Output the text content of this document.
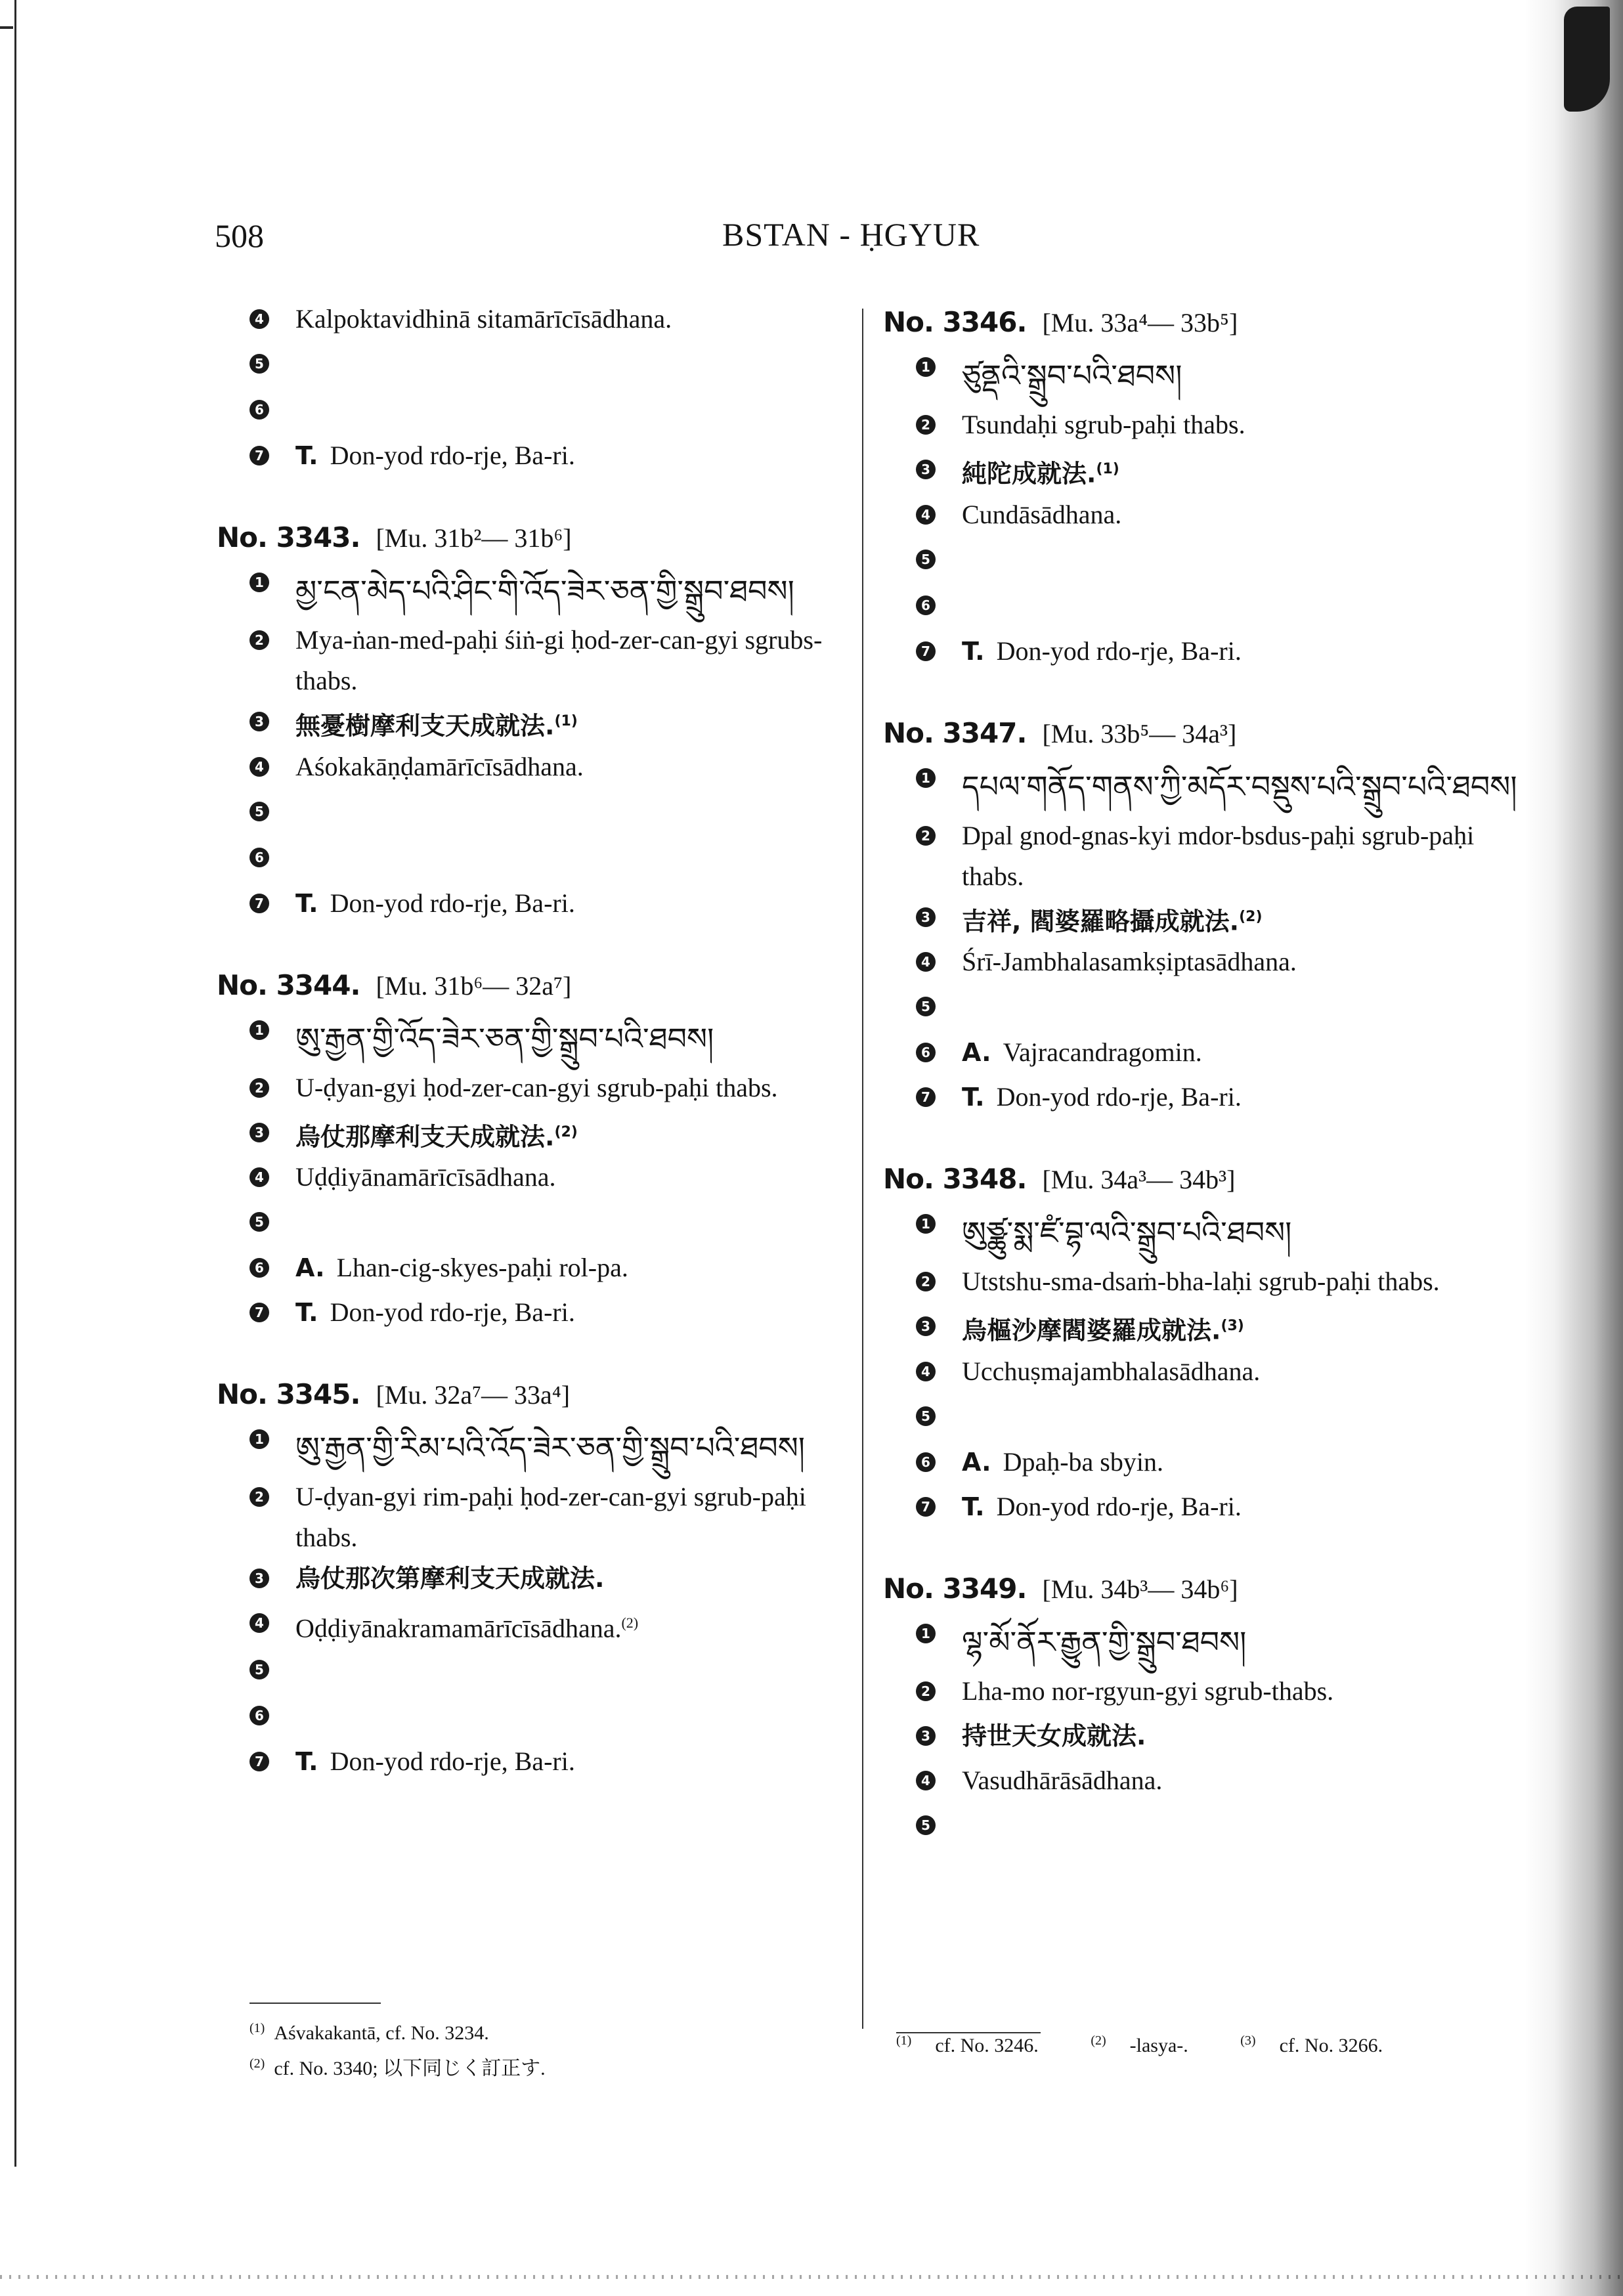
508	BSTAN - ḤGYUR
4 Kalpoktavidhinā sitamārīcīsādhana.
5
6
7 T. Don-yod rdo-rje, Ba-ri.
No. 3343. [Mu. 31b²— 31b⁶]
1 མྱ་ངན་མེད་པའི་ཤིང་གི་འོད་ཟེར་ཅན་གྱི་སྒྲུབ་ཐབས།
2 Mya-ṅan-med-paḥi śiṅ-gi ḥod-zer-can-gyi sgrubs-thabs.
3 無憂樹摩利支天成就法.$^{(1)}$
4 Aśokakāṇḍamārīcīsādhana.
5
6
7 T. Don-yod rdo-rje, Ba-ri.
No. 3344. [Mu. 31b⁶— 32a⁷]
1 ཨུ་རྒྱན་གྱི་འོད་ཟེར་ཅན་གྱི་སྒྲུབ་པའི་ཐབས།
2 U-ḍyan-gyi ḥod-zer-can-gyi sgrub-paḥi thabs.
3 烏仗那摩利支天成就法.$^{(2)}$
4 Uḍḍiyānamārīcīsādhana.
5
6 A. Lhan-cig-skyes-paḥi rol-pa.
7 T. Don-yod rdo-rje, Ba-ri.
No. 3345. [Mu. 32a⁷— 33a⁴]
1 ཨུ་རྒྱན་གྱི་རིམ་པའི་འོད་ཟེར་ཅན་གྱི་སྒྲུབ་པའི་ཐབས།
2 U-ḍyan-gyi rim-paḥi ḥod-zer-can-gyi sgrub-paḥi thabs.
3 烏仗那次第摩利支天成就法.
4 Oḍḍiyānakramamārīcīsādhana.$^{(2)}$
5
6
7 T. Don-yod rdo-rje, Ba-ri.
No. 3346. [Mu. 33a⁴— 33b⁵]
1 ཙུནྡའི་སྒྲུབ་པའི་ཐབས།
2 Tsundaḥi sgrub-paḥi thabs.
3 純陀成就法.$^{(1)}$
4 Cundāsādhana.
5
6
7 T. Don-yod rdo-rje, Ba-ri.
No. 3347. [Mu. 33b⁵— 34a³]
1 དཔལ་གནོད་གནས་ཀྱི་མདོར་བསྡུས་པའི་སྒྲུབ་པའི་ཐབས།
2 Dpal gnod-gnas-kyi mdor-bsdus-paḥi sgrub-paḥi thabs.
3 吉祥, 閻婆羅略攝成就法.$^{(2)}$
4 Śrī-Jambhalasamkṣiptasādhana.
5
6 A. Vajracandragomin.
7 T. Don-yod rdo-rje, Ba-ri.
No. 3348. [Mu. 34a³— 34b³]
1 ཨུཙྪུ་སྨ་ཛཾ་བྷ་ལའི་སྒྲུབ་པའི་ཐབས།
2 Utstshu-sma-dsaṁ-bha-laḥi sgrub-paḥi thabs.
3 烏樞沙摩閻婆羅成就法.$^{(3)}$
4 Ucchuṣmajambhalasādhana.
5
6 A. Dpaḥ-ba sbyin.
7 T. Don-yod rdo-rje, Ba-ri.
No. 3349. [Mu. 34b³— 34b⁶]
1 ལྷ་མོ་ནོར་རྒྱུན་གྱི་སྒྲུབ་ཐབས།
2 Lha-mo nor-rgyun-gyi sgrub-thabs.
3 持世天女成就法.
4 Vasudhārāsādhana.
5
$^{(1)}$ Aśvakakantā, cf. No. 3234.
$^{(2)}$ cf. No. 3340; 以下同じく訂正す.
$^{(1)}$ cf. No. 3246.	$^{(2)}$ -lasya-.	$^{(3)}$ cf. No. 3266.
